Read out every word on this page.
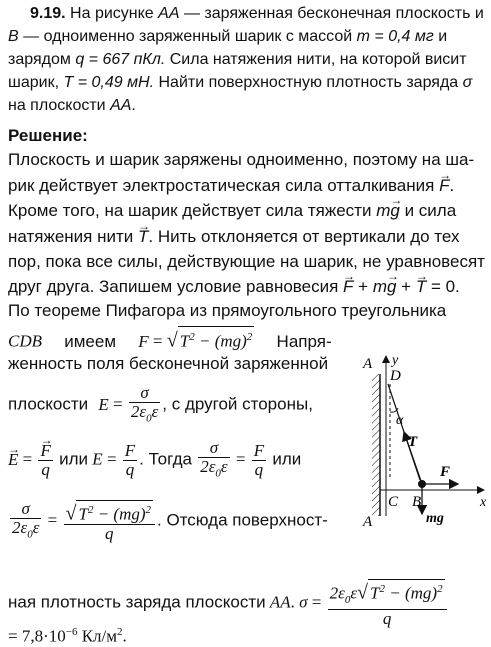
9.19. На рисунке AA — заряженная бесконечная плоскость и
B — одноименно заряженный шарик с массой m = 0,4 мг и
зарядом q = 667 пКл. Сила натяжения нити, на которой висит
шарик, T = 0,49 мН. Найти поверхностную плотность заряда σ
на плоскости AA.
Решение:
Плоскость и шарик заряжены одноименно, поэтому на ша-
рик действует электростатическая сила отталкивания → F.
Кроме того, на шарик действует сила тяжести m→ g и сила
натяжения нити → T. Нить отклоняется от вертикали до тех
пор, пока все силы, действующие на шарик, не уравновесят
друг друга. Запишем условие равновесия → F + m→ g + → T = 0.
По теореме Пифагора из прямоугольного треугольника
CDB имеем F = √ $T^2 - (mg)^2$ Напря-
женность поля бесконечной заряженной
плоскости $E = \frac{\sigma}{2\varepsilon_0\varepsilon}$ , с другой стороны,
→ E = → $\frac{F}{q}$ или $E = \frac{F}{q}$ . Тогда $\frac{\sigma}{2\varepsilon_0\varepsilon} = \frac{F}{q}$ или
$\frac{\sigma}{2\varepsilon_0\varepsilon} = \frac{√ T^2 - (mg)^2}{q}$ . Отсюда поверхност-
ная плотность заряда плоскости AA. $\sigma = \frac{2\varepsilon_0\varepsilon√ T^2 - (mg)^2}{q}$
= $7,8\cdot 10^{-6}$ $Кл/м^2$.
A
A
D
C B
α
y
x
F
T
mg
